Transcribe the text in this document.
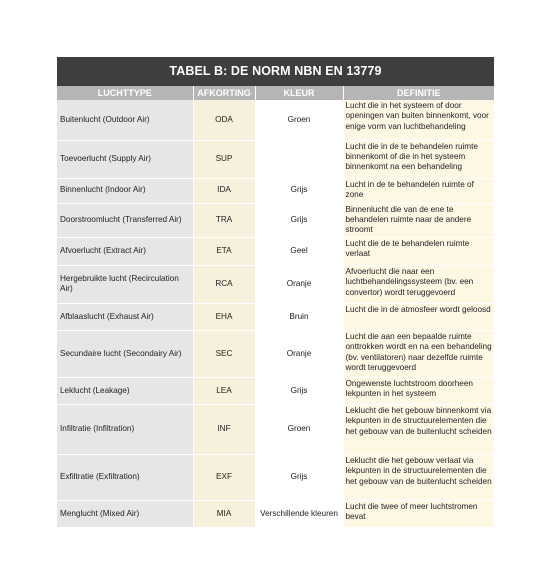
TABEL B: DE NORM NBN EN 13779
LUCHTTYPE	AFKORTING	KLEUR	DEFINITIE
Buitenlucht (Outdoor Air)	ODA	Groen	Lucht die in het systeem of door openingen van buiten binnenkomt, voor enige vorm van luchtbehandeling
Toevoerlucht (Supply Air)	SUP		Lucht die in de te behandelen ruimte binnenkomt of die in het systeem binnenkomt na een behandeling
Binnenlucht (Indoor Air)	IDA	Grijs	Lucht in de te behandelen ruimte of zone
Doorstroomlucht (Transferred Air)	TRA	Grijs	Binnenlucht die van de ene te behandelen ruimte naar de andere stroomt
Afvoerlucht (Extract Air)	ETA	Geel	Lucht die de te behandelen ruimte verlaat
Hergebruikte lucht (Recirculation Air)	RCA	Oranje	Afvoerlucht die naar een luchtbehandelingssysteem (bv. een convertor) wordt teruggevoerd
Afblaaslucht (Exhaust Air)	EHA	Bruin	Lucht die in de atmosfeer wordt geloosd
Secundaire lucht (Secondairy Air)	SEC	Oranje	Lucht die aan een bepaalde ruimte onttrokken wordt en na een behandeling (bv. ventilatoren) naar dezelfde ruimte wordt teruggevoerd
Leklucht (Leakage)	LEA	Grijs	Ongewenste luchtstroom doorheen lekpunten in het systeem
Infiltratie (Infiltration)	INF	Groen	Leklucht die het gebouw binnenkomt via lekpunten in de structuurelementen die het gebouw van de buitenlucht scheiden
Exfiltratie (Exfiltration)	EXF	Grijs	Leklucht die het gebouw verlaat via lekpunten in de structuurelementen die het gebouw van de buitenlucht scheiden
Menglucht (Mixed Air)	MIA	Verschillende kleuren	Lucht die twee of meer luchtstromen bevat
